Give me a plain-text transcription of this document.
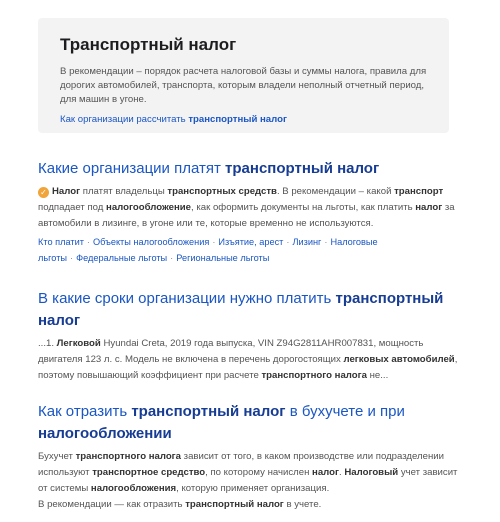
Транспортный налог

В рекомендации – порядок расчета налоговой базы и суммы налога, правила для дорогих автомобилей, транспорта, которым владели неполный отчетный период, для машин в угоне.

Как организации рассчитать транспортный налог
Какие организации платят транспортный налог

✓ Налог платят владельцы транспортных средств. В рекомендации – какой транспорт подпадает под налогообложение, как оформить документы на льготы, как платить налог за автомобили в лизинге, в угоне или те, которые временно не используются.

Кто платит · Объекты налогообложения · Изъятие, арест · Лизинг · Налоговые льготы · Федеральные льготы · Региональные льготы
В какие сроки организации нужно платить транспортный налог

...1. Легковой Hyundai Creta, 2019 года выпуска, VIN Z94G2811AHR007831, мощность двигателя 123 л. с. Модель не включена в перечень дорогостоящих легковых автомобилей, поэтому повышающий коэффициент при расчете транспортного налога не...

Как отразить транспортный налог в бухучете и при налогообложении

Бухучет транспортного налога зависит от того, в каком производстве или подразделении используют транспортное средство, по которому начислен налог. Налоговый учет зависит от системы налогообложения, которую применяет организация.
В рекомендации — как отразить транспортный налог в учете.
